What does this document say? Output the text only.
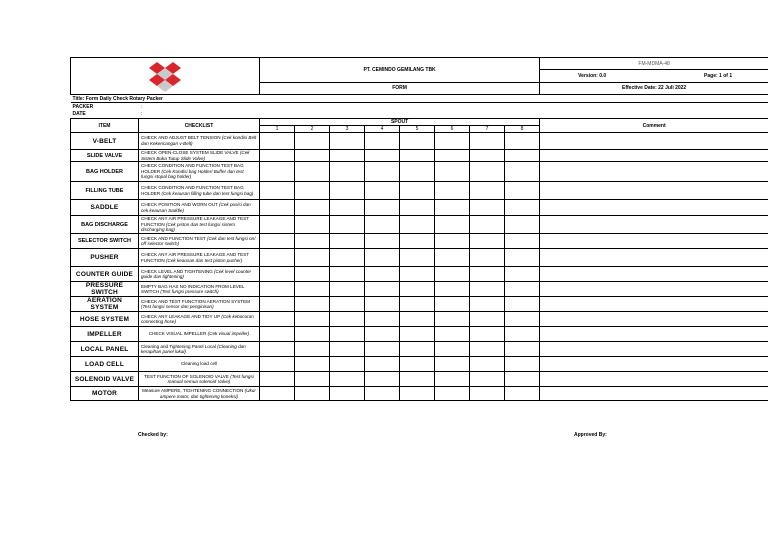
	PT. CEMINDO GEMILANG TBK								FM-MDMA-48
										Version: 0.0 Page: 1 of 1

		FORM								Effective Date: 22 Juli 2022
Title: Form Daily Check Rotary Packer										
PACKER	:									
DATE	:									
ITEM	CHECKLIST	SPOUT								Comment
		1	2	3	4	5	6	7	8	
V-BELT	CHECK AND ADJUST BELT TENSION (Cek kondisi Belt dan Kekencangan v-Belt)									
SLIDE VALVE	CHECK OPEN-CLOSE SYSTEM SLIDE VALVE (Cek Sistem Buka Tutup Slide Valve)									
BAG HOLDER	CHECK CONDITION AND FUNCTION TEST BAG HOLDER (Cek Kondisi bag Holder/ Buffer dan test fungsi stopal bag holder)									
FILLING TUBE	CHECK CONDITION AND FUNCTION TEST BAG HOLDER (Cek keausan filling tube dan test fungsi bag)									
SADDLE	CHECK POSITION AND WORN OUT (Cek posisi dan cek keausan Saddle)									
BAG DISCHARGE	CHECK ANY AIR PRESSURE LEAKAGE AND TEST FUNCTION (Cek piston dan test fungsi sistem discharging bag)									
SELECTOR SWITCH	CHECK AND FUNCTION TEST (Cek dan test fungsi on/ off selector switch)									
PUSHER	CHECK ANY AIR PRESSURE LEAKAGE AND TEST FUNCTION (Cek keausan dan test piston pusher)									
COUNTER GUIDE	CHECK LEVEL AND TIGHTENING (Cek level counter guide dan tightening)									
PRESSURE SWITCH	EMPTY BAG HAS NO INDICATION FROM LEVEL SWITCH (Test fungsi pressure switch)									
AERATION SYSTEM	CHECK AND TEST FUNCTION AERATION SYSTEM (Test fungsi sensor dan penginisan)									
HOSE SYSTEM	CHECK ANY LEAKAGE AND TIDY UP (Cek kebocoran connecting hose)									
IMPELLER	CHECK VISUAL IMPELLER (Cek visual impeller)									
LOCAL PANEL	Cleaning and Tightening Panel Local (Cleaning dan kerapihan panel lokal)									
LOAD CELL	Cleaning load cell									
SOLENOID VALVE	TEST FUNCTION OF SOLENOID VALVE (Test fungsi manual semua solenoid Valve)									
MOTOR	Measure AMPERE, TIGHTENING CONNECTION (Ukur ampere motor, dan tightening koneksi)									
Checked by:	Approved By:
